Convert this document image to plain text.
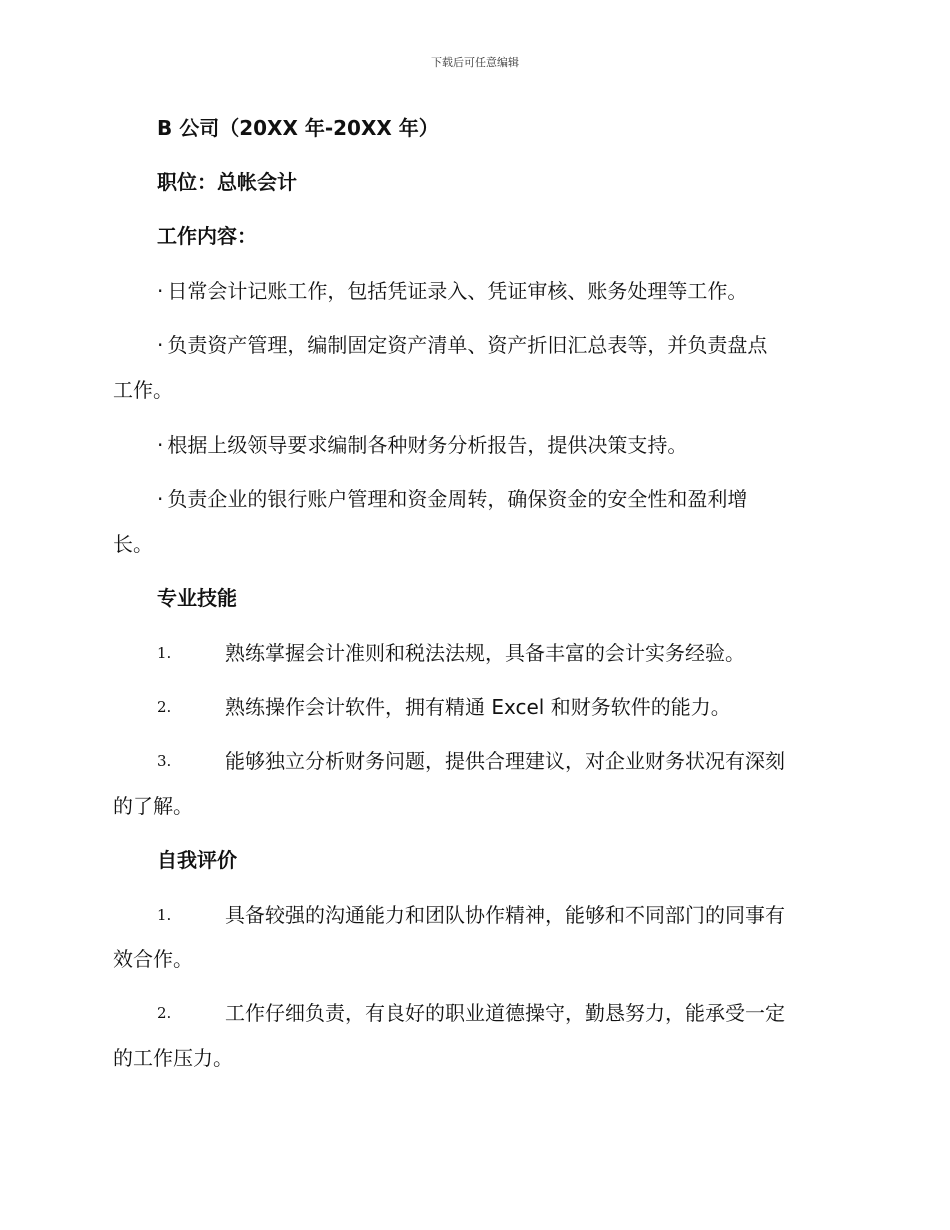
下载后可任意编辑
B 公司（20XX 年-20XX 年）
职位：总帐会计
工作内容：
· 日常会计记账工作，包括凭证录入、凭证审核、账务处理等工作。
· 负责资产管理，编制固定资产清单、资产折旧汇总表等，并负责盘点
工作。
· 根据上级领导要求编制各种财务分析报告，提供决策支持。
· 负责企业的银行账户管理和资金周转，确保资金的安全性和盈利增
长。
专业技能
1.	熟练掌握会计准则和税法法规，具备丰富的会计实务经验。
2.	熟练操作会计软件，拥有精通 Excel 和财务软件的能力。
3.	能够独立分析财务问题，提供合理建议，对企业财务状况有深刻
的了解。
自我评价
1.	具备较强的沟通能力和团队协作精神，能够和不同部门的同事有
效合作。
2.	工作仔细负责，有良好的职业道德操守，勤恳努力，能承受一定
的工作压力。
